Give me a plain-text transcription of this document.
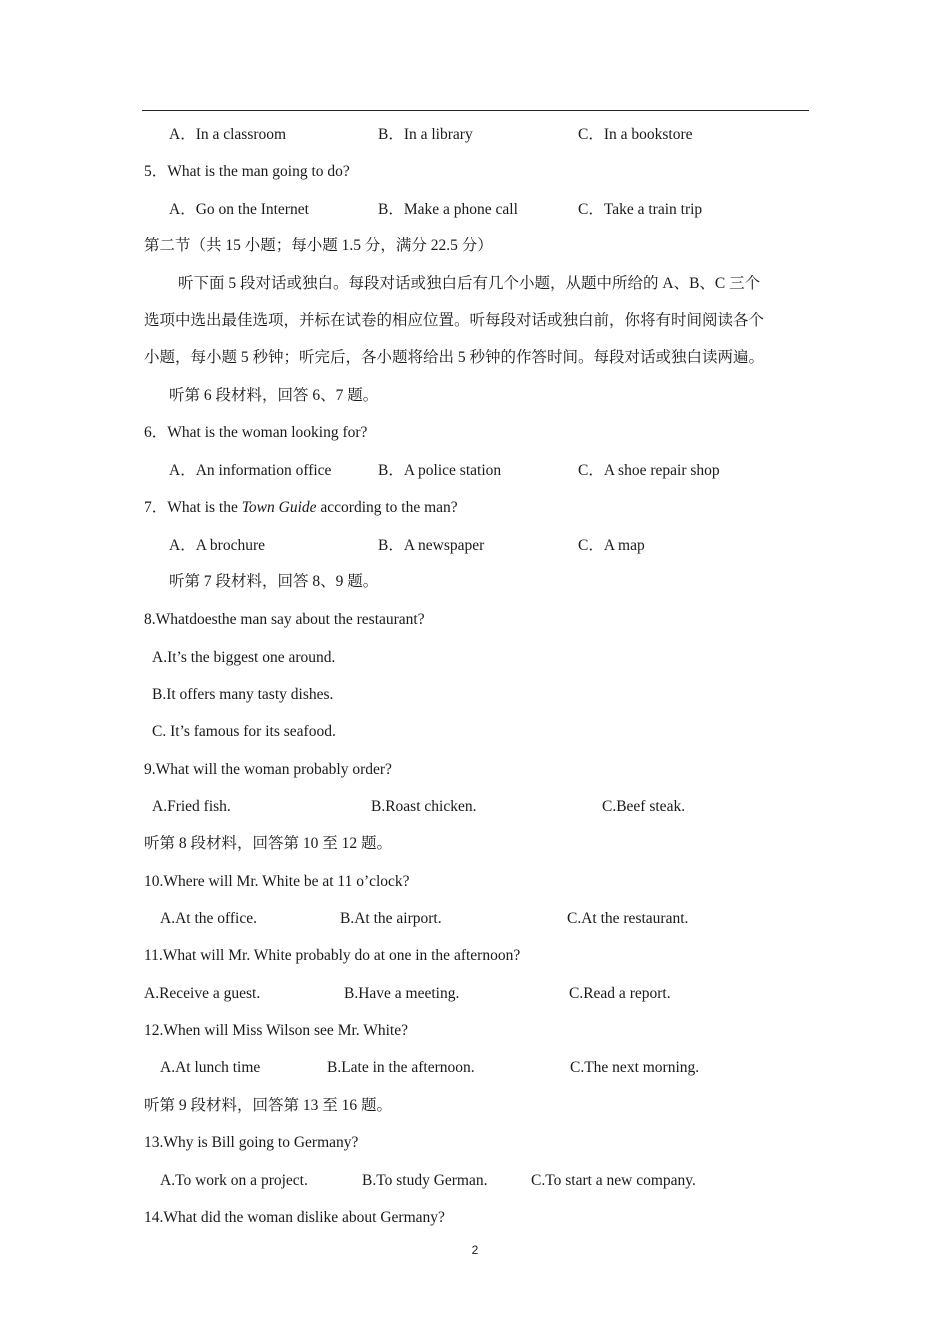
A．In a classroom	B．In a library	C．In a bookstore
5．What is the man going to do?
A．Go on the Internet	B．Make a phone call	C．Take a train trip
第二节（共 15 小题；每小题 1.5 分，满分 22.5 分）
听下面 5 段对话或独白。每段对话或独白后有几个小题，从题中所给的 A、B、C 三个
选项中选出最佳选项，并标在试卷的相应位置。听每段对话或独白前，你将有时间阅读各个
小题，每小题 5 秒钟；听完后，各小题将给出 5 秒钟的作答时间。每段对话或独白读两遍。
听第 6 段材料，回答 6、7 题。
6．What is the woman looking for?
A．An information office	B．A police station	C．A shoe repair shop
7．What is the Town Guide according to the man?
A．A brochure	B．A newspaper	C．A map
听第 7 段材料，回答 8、9 题。
8.Whatdoesthe man say about the restaurant?
A.It’s the biggest one around.
B.It offers many tasty dishes.
C. It’s famous for its seafood.
9.What will the woman probably order?
A.Fried fish.	B.Roast chicken.	C.Beef steak.
听第 8 段材料，回答第 10 至 12 题。
10.Where will Mr. White be at 11 o’clock?
A.At the office.	B.At the airport.	C.At the restaurant.
11.What will Mr. White probably do at one in the afternoon?
A.Receive a guest.	B.Have a meeting.	C.Read a report.
12.When will Miss Wilson see Mr. White?
A.At lunch time	B.Late in the afternoon.	C.The next morning.
听第 9 段材料，回答第 13 至 16 题。
13.Why is Bill going to Germany?
A.To work on a project.	B.To study German.	C.To start a new company.
14.What did the woman dislike about Germany?
2
